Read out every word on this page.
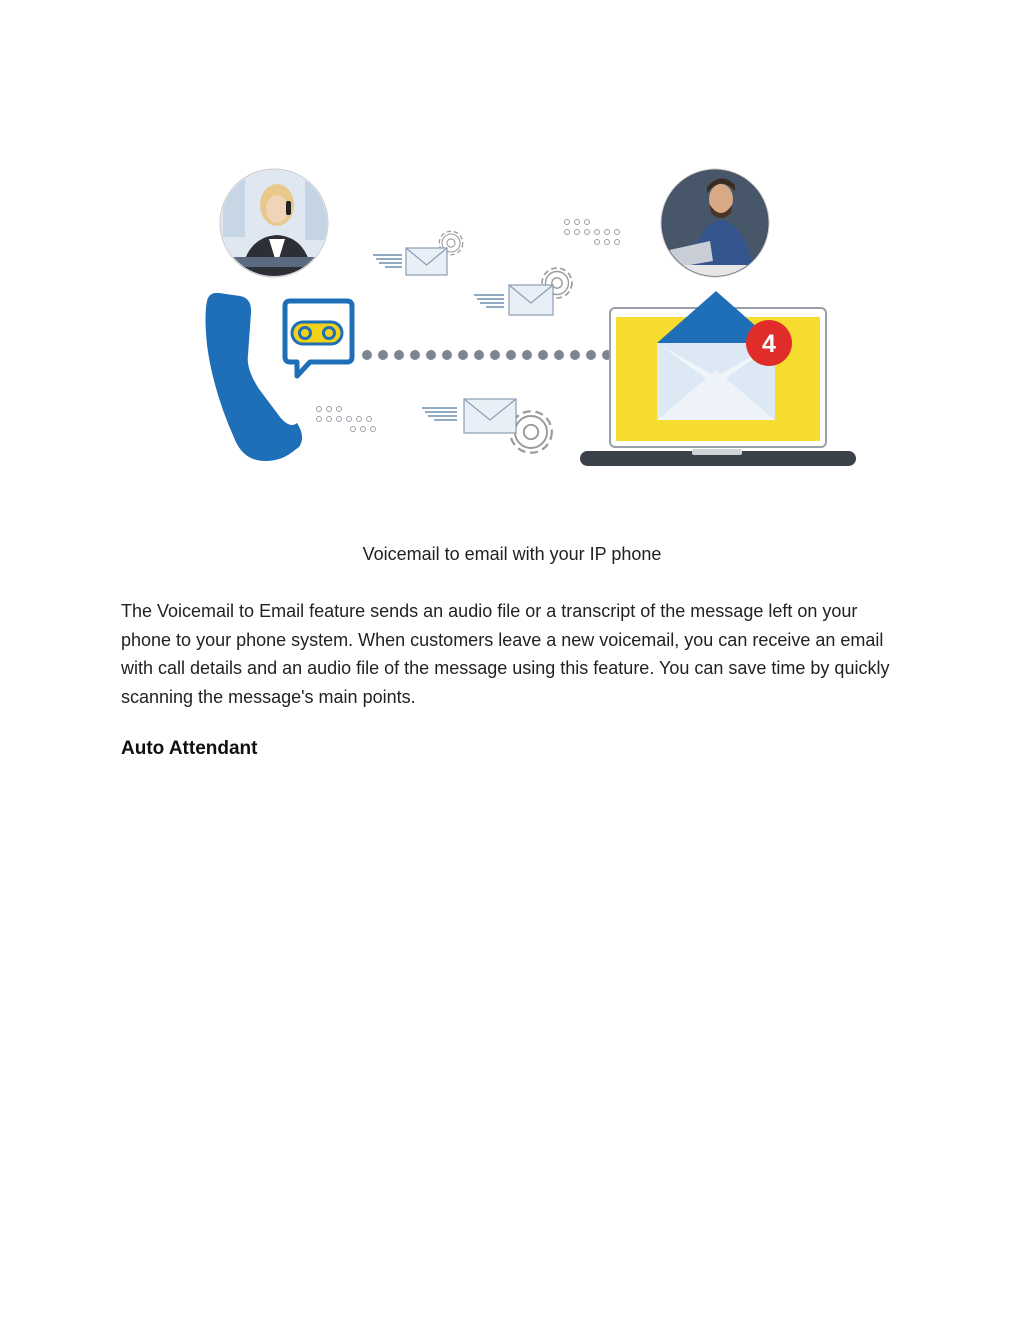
4
Voicemail to email with your IP phone

The Voicemail to Email feature sends an audio file or a transcript of the message left on your phone to your phone system. When customers leave a new voicemail, you can receive an email with call details and an audio file of the message using this feature. You can save time by quickly scanning the message's main points.

Auto Attendant
